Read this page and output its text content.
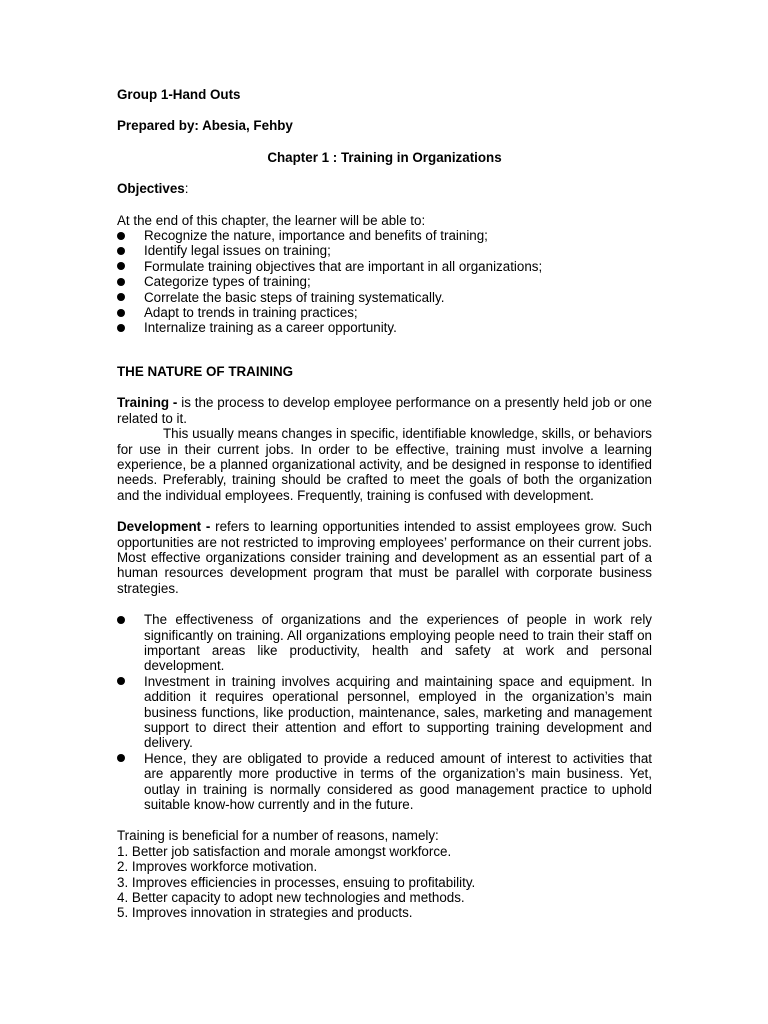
Group 1-Hand Outs
Prepared by: Abesia, Fehby
Chapter 1 : Training in Organizations
Objectives:
At the end of this chapter, the learner will be able to:
Recognize the nature, importance and benefits of training;
Identify legal issues on training;
Formulate training objectives that are important in all organizations;
Categorize types of training;
Correlate the basic steps of training systematically.
Adapt to trends in training practices;
Internalize training as a career opportunity.
THE NATURE OF TRAINING

Training - is the process to develop employee performance on a presently held job or one related to it.

This usually means changes in specific, identifiable knowledge, skills, or behaviors for use in their current jobs. In order to be effective, training must involve a learning experience, be a planned organizational activity, and be designed in response to identified needs. Preferably, training should be crafted to meet the goals of both the organization and the individual employees. Frequently, training is confused with development.

Development - refers to learning opportunities intended to assist employees grow. Such opportunities are not restricted to improving employees’ performance on their current jobs. Most effective organizations consider training and development as an essential part of a human resources development program that must be parallel with corporate business strategies.

The effectiveness of organizations and the experiences of people in work rely significantly on training. All organizations employing people need to train their staff on important areas like productivity, health and safety at work and personal development.
Investment in training involves acquiring and maintaining space and equipment. In addition it requires operational personnel, employed in the organization’s main business functions, like production, maintenance, sales, marketing and management support to direct their attention and effort to supporting training development and delivery.
Hence, they are obligated to provide a reduced amount of interest to activities that are apparently more productive in terms of the organization’s main business. Yet, outlay in training is normally considered as good management practice to uphold suitable know-how currently and in the future.
Training is beneficial for a number of reasons, namely:
1. Better job satisfaction and morale amongst workforce.
2. Improves workforce motivation.
3. Improves efficiencies in processes, ensuing to profitability.
4. Better capacity to adopt new technologies and methods.
5. Improves innovation in strategies and products.
